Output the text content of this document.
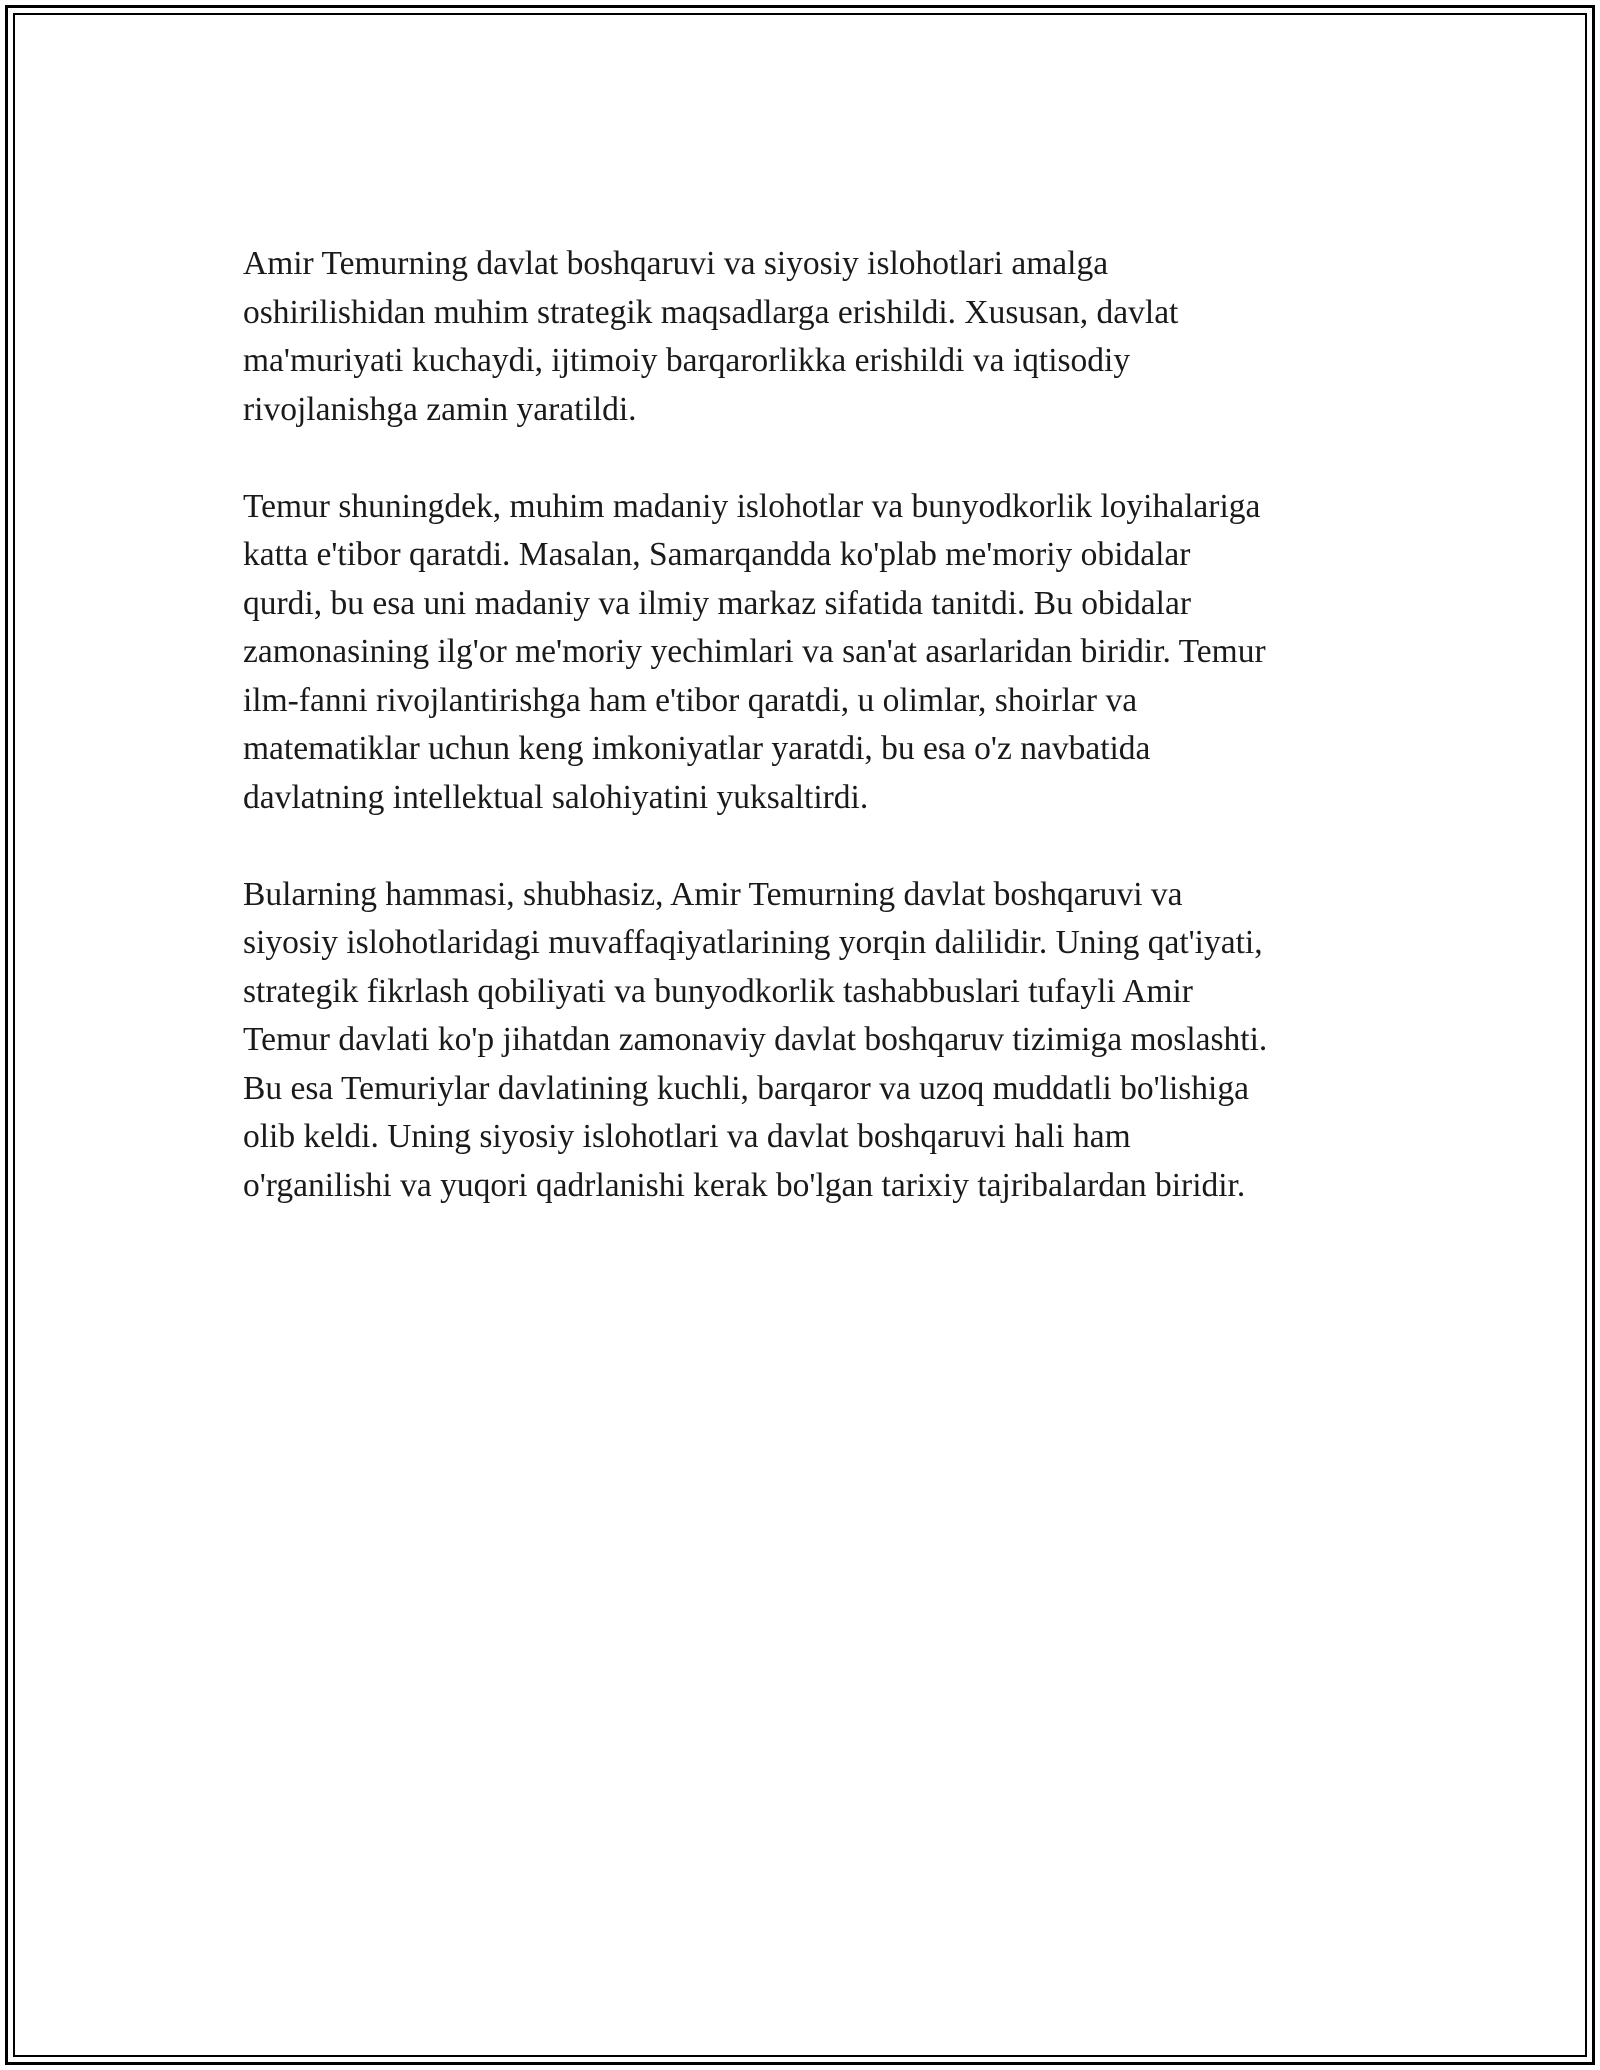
Amir Temurning davlat boshqaruvi va siyosiy islohotlari amalga
oshirilishidan muhim strategik maqsadlarga erishildi. Xususan, davlat
ma'muriyati kuchaydi, ijtimoiy barqarorlikka erishildi va iqtisodiy
rivojlanishga zamin yaratildi.

Temur shuningdek, muhim madaniy islohotlar va bunyodkorlik loyihalariga
katta e'tibor qaratdi. Masalan, Samarqandda ko'plab me'moriy obidalar
qurdi, bu esa uni madaniy va ilmiy markaz sifatida tanitdi. Bu obidalar
zamonasining ilg'or me'moriy yechimlari va san'at asarlaridan biridir. Temur
ilm-fanni rivojlantirishga ham e'tibor qaratdi, u olimlar, shoirlar va
matematiklar uchun keng imkoniyatlar yaratdi, bu esa o'z navbatida
davlatning intellektual salohiyatini yuksaltirdi.

Bularning hammasi, shubhasiz, Amir Temurning davlat boshqaruvi va
siyosiy islohotlaridagi muvaffaqiyatlarining yorqin dalilidir. Uning qat'iyati,
strategik fikrlash qobiliyati va bunyodkorlik tashabbuslari tufayli Amir
Temur davlati ko'p jihatdan zamonaviy davlat boshqaruv tizimiga moslashti.
Bu esa Temuriylar davlatining kuchli, barqaror va uzoq muddatli bo'lishiga
olib keldi. Uning siyosiy islohotlari va davlat boshqaruvi hali ham
o'rganilishi va yuqori qadrlanishi kerak bo'lgan tarixiy tajribalardan biridir.
